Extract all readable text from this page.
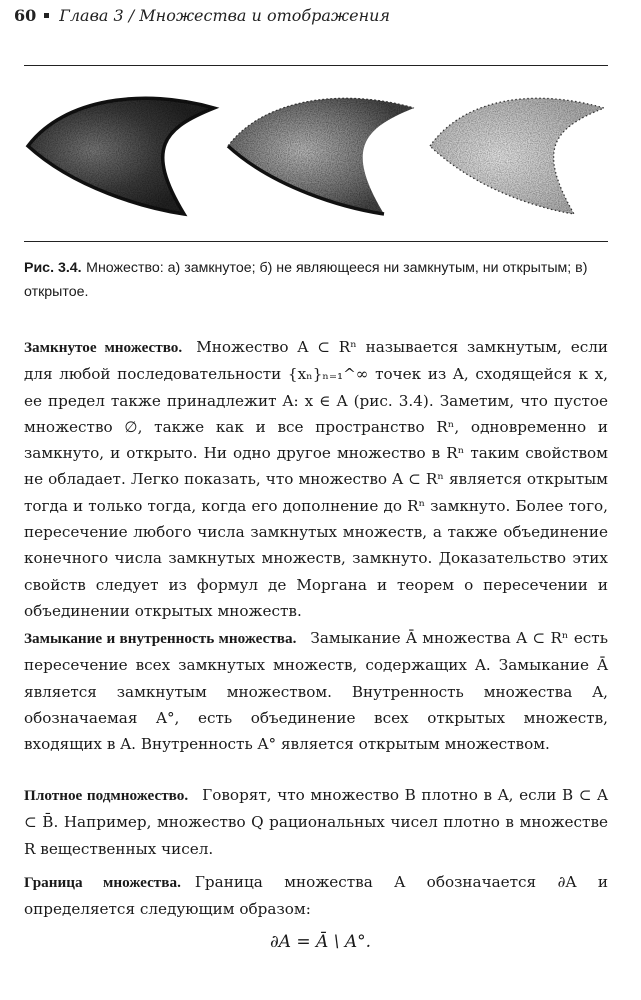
60 Глава 3 / Множества и отображения
Рис. 3.4. Множество: а) замкнутое; б) не являющееся ни замкнутым, ни открытым; в) открытое.
Замкнутое множество. Множество A ⊂ Rⁿ называется замкнутым, если для любой последовательности {xₙ}ₙ₌₁^∞ точек из A, сходящейся к x, ее предел также принадлежит A: x ∈ A (рис. 3.4). Заметим, что пустое множество ∅, также как и все пространство Rⁿ, одновременно и замкнуто, и открыто. Ни одно другое множество в Rⁿ таким свойством не обладает. Легко показать, что множество A ⊂ Rⁿ является открытым тогда и только тогда, когда его дополнение до Rⁿ замкнуто. Более того, пересечение любого числа замкнутых множеств, а также объединение конечного числа замкнутых множеств, замкнуто. Доказательство этих свойств следует из формул де Моргана и теорем о пересечении и объединении открытых множеств.
Замыкание и внутренность множества. Замыкание Ā множества A ⊂ Rⁿ есть пересечение всех замкнутых множеств, содержащих A. Замыкание Ā является замкнутым множеством. Внутренность множества A, обозначаемая A°, есть объединение всех открытых множеств, входящих в A. Внутренность A° является открытым множеством.
Плотное подмножество. Говорят, что множество B плотно в A, если B ⊂ A ⊂ B̄. Например, множество Q рациональных чисел плотно в множестве R вещественных чисел.
Граница множества. Граница множества A обозначается ∂A и определяется следующим образом:
∂A = Ā \ A°.
